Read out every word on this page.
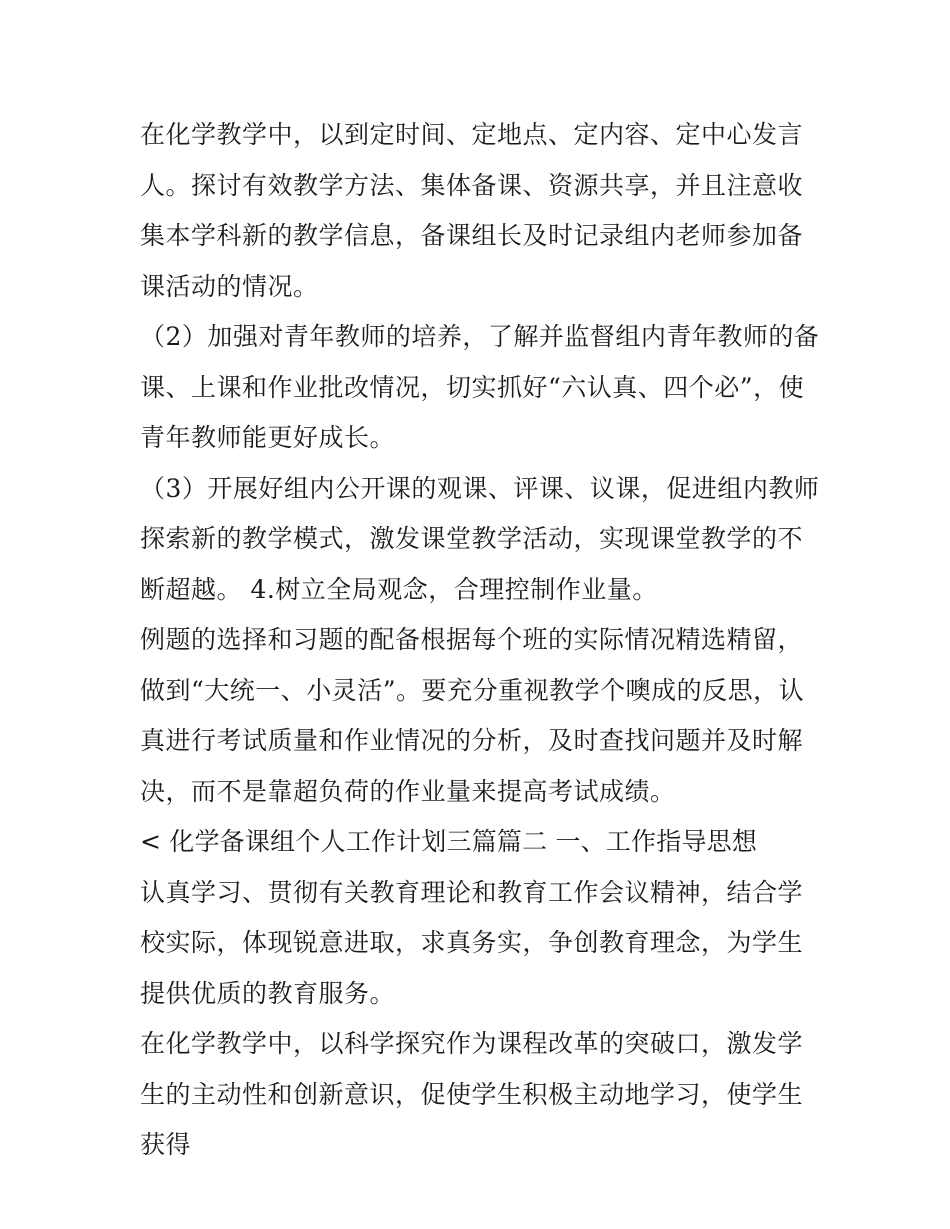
在化学教学中，以到定时间、定地点、定内容、定中心发言人。探讨有效教学方法、集体备课、资源共享，并且注意收集本学科新的教学信息，备课组长及时记录组内老师参加备课活动的情况。

（2）加强对青年教师的培养，了解并监督组内青年教师的备课、上课和作业批改情况，切实抓好“六认真、四个必”，使青年教师能更好成长。

（3）开展好组内公开课的观课、评课、议课，促进组内教师探索新的教学模式，激发课堂教学活动，实现课堂教学的不断超越。 4.树立全局观念，合理控制作业量。

例题的选择和习题的配备根据每个班的实际情况精选精留，做到“大统一、小灵活”。要充分重视教学个噢成的反思，认真进行考试质量和作业情况的分析，及时查找问题并及时解决，而不是靠超负荷的作业量来提高考试成绩。

< 化学备课组个人工作计划三篇篇二 一、工作指导思想

认真学习、贯彻有关教育理论和教育工作会议精神，结合学校实际，体现锐意进取，求真务实，争创教育理念，为学生提供优质的教育服务。

在化学教学中，以科学探究作为课程改革的突破口，激发学生的主动性和创新意识，促使学生积极主动地学习，使学生获得
